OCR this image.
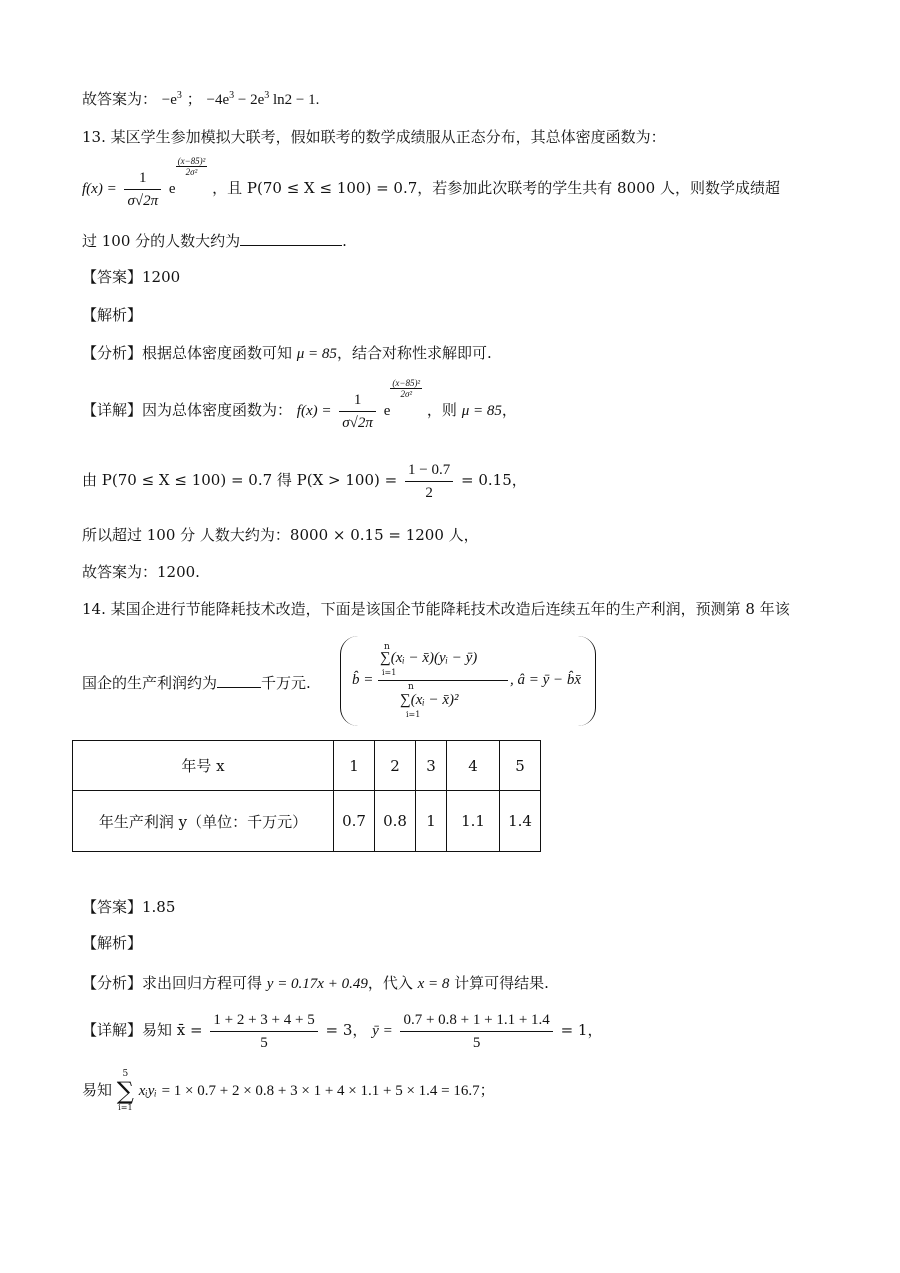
故答案为： $-e^3$ ； $-4e^3 - 2e^3$ ln2 − 1.
13. 某区学生参加模拟大联考，假如联考的数学成绩服从正态分布，其总体密度函数为：
$f(x) = \frac{1}{\sigma√2\pi}$ e
$\frac{\text{(x−85)²}}{\text{2σ²}}$
，且 P(70 ≤ X ≤ 100) = 0.7，若参加此次联考的学生共有 8000 人，则数学成绩超
过 100 分的人数大约为	.
【答案】1200
【解析】
【分析】根据总体密度函数可知 μ = 85，结合对称性求解即可.
【详解】因为总体密度函数为： $f(x) = \frac{1}{\sigma√2\pi}$ e
$\frac{\text{(x−85)²}}{\text{2σ²}}$
，则 μ = 85，
由 P(70 ≤ X ≤ 100) = 0.7 得 $P(X > 100) = \frac{1 - 0.7}{2} = 0.15$，
所以超过 100 分 人数大约为：8000 × 0.15 = 1200 人，
故答案为：1200.
14. 某国企进行节能降耗技术改造，下面是该国企节能降耗技术改造后连续五年的生产利润，预测第 8 年该
国企的生产利润约为	千万元.	b̂ =
n
∑(xᵢ − x̄)(yᵢ − ȳ)
i=1
n
∑(xᵢ − x̄)²
i=1
, â = ȳ − b̂x̄
年号 x	1	2	3	4	5
年生产利润 y（单位：千万元）	0.7	0.8	1	1.1	1.4
【答案】1.85
【解析】
【分析】求出回归方程可得 y = 0.17x + 0.49，代入 x = 8 计算可得结果.
【详解】易知 x̄ = $\frac{1 + 2 + 3 + 4 + 5}{5} = 3$， ȳ = $\frac{0.7 + 0.8 + 1 + 1.1 + 1.4}{5} = 1$，
易知
5
∑
i=1
xᵢyᵢ = 1 × 0.7 + 2 × 0.8 + 3 × 1 + 4 × 1.1 + 5 × 1.4 = 16.7；
